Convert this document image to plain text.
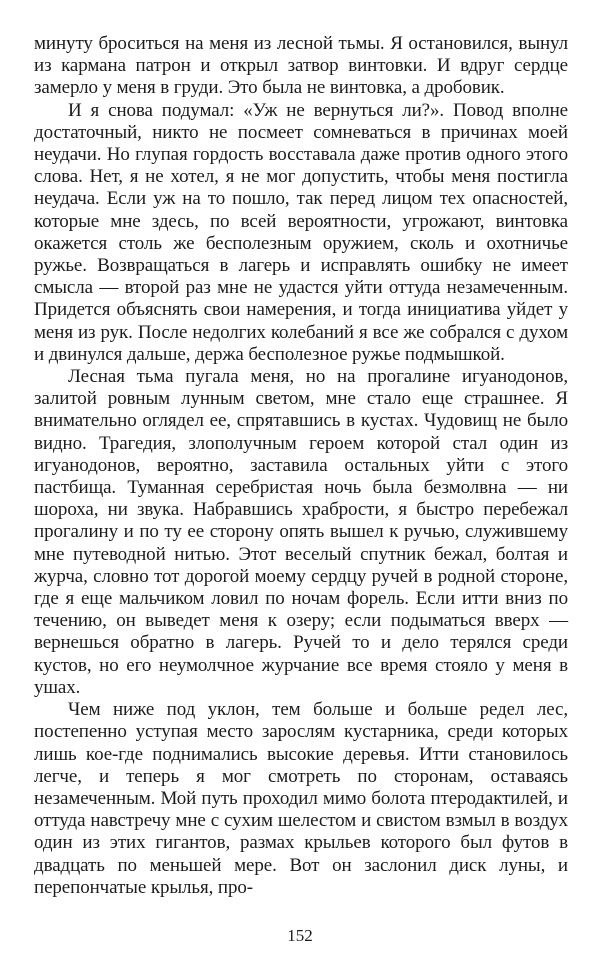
минуту броситься на меня из лесной тьмы. Я остановился, вынул из кармана патрон и открыл затвор винтовки. И вдруг сердце замерло у меня в груди. Это была не винтовка, а дробовик.

И я снова подумал: «Уж не вернуться ли?». Повод вполне достаточный, никто не посмеет сомневаться в причинах моей неудачи. Но глупая гордость восставала даже против одного этого слова. Нет, я не хотел, я не мог допустить, чтобы меня постигла неудача. Если уж на то пошло, так перед лицом тех опасностей, которые мне здесь, по всей вероятности, угрожают, винтовка окажется столь же бесполезным оружием, сколь и охотничье ружье. Возвращаться в лагерь и исправлять ошибку не имеет смысла — второй раз мне не удастся уйти оттуда незамеченным. Придется объяснять свои намерения, и тогда инициатива уйдет у меня из рук. После недолгих колебаний я все же собрался с духом и двинулся дальше, держа бесполезное ружье подмышкой.

Лесная тьма пугала меня, но на прогалине игуанодонов, залитой ровным лунным светом, мне стало еще страшнее. Я внимательно оглядел ее, спрятавшись в кустах. Чудовищ не было видно. Трагедия, злополучным героем которой стал один из игуанодонов, вероятно, заставила остальных уйти с этого пастбища. Туманная серебристая ночь была безмолвна — ни шороха, ни звука. Набравшись храбрости, я быстро перебежал прогалину и по ту ее сторону опять вышел к ручью, служившему мне путеводной нитью. Этот веселый спутник бежал, болтая и журча, словно тот дорогой моему сердцу ручей в родной стороне, где я еще мальчиком ловил по ночам форель. Если итти вниз по течению, он выведет меня к озеру; если подыматься вверх — вернешься обратно в лагерь. Ручей то и дело терялся среди кустов, но его неумолчное журчание все время стояло у меня в ушах.

Чем ниже под уклон, тем больше и больше редел лес, постепенно уступая место зарослям кустарника, среди которых лишь кое-где поднимались высокие деревья. Итти становилось легче, и теперь я мог смотреть по сторонам, оставаясь незамеченным. Мой путь проходил мимо болота птеродактилей, и оттуда навстречу мне с сухим шелестом и свистом взмыл в воздух один из этих гигантов, размах крыльев которого был футов в двадцать по меньшей мере. Вот он заслонил диск луны, и перепончатые крылья, про-

152
